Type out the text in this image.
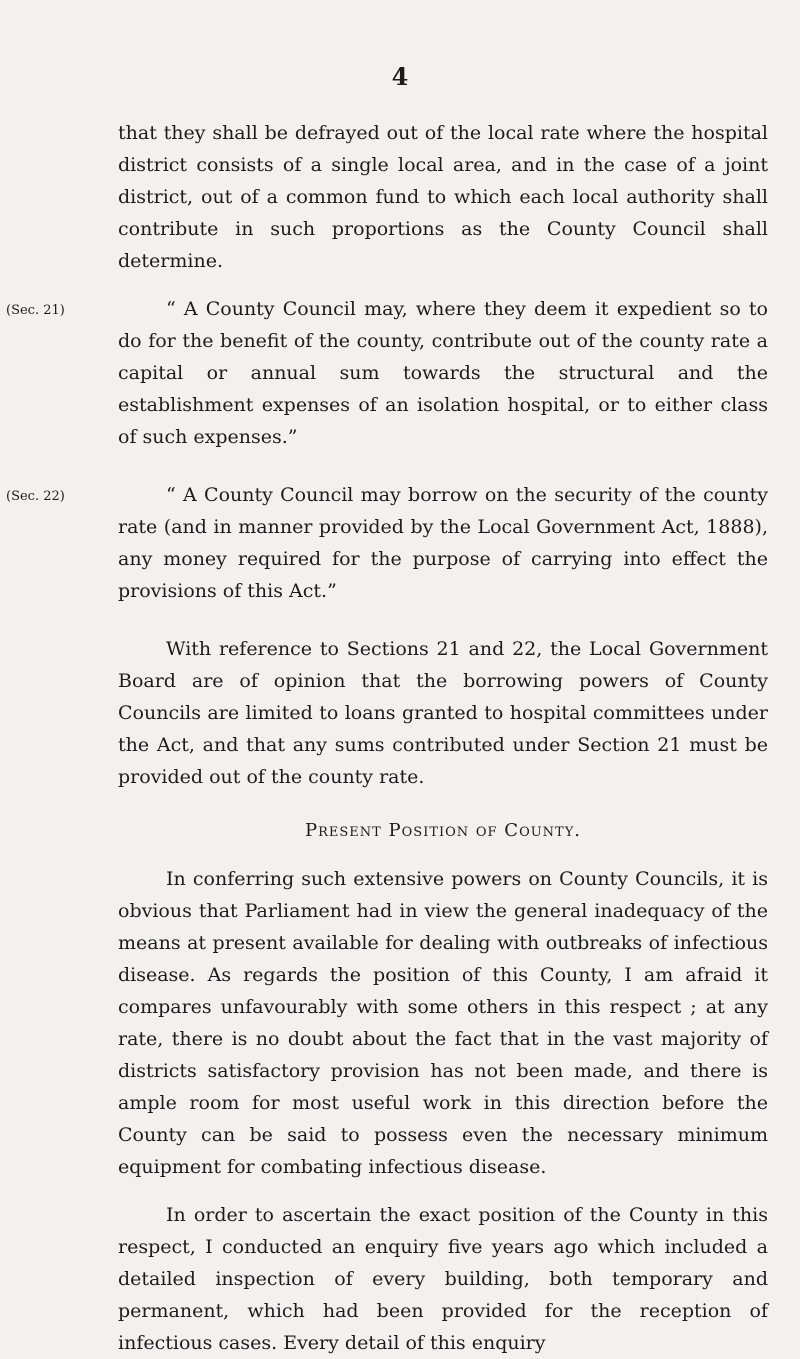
4

that they shall be defrayed out of the local rate where the hospital district consists of a single local area, and in the case of a joint district, out of a common fund to which each local authority shall contribute in such proportions as the County Council shall determine.

(Sec. 21)	“ A County Council may, where they deem it expedient so to do for the benefit of the county, contribute out of the county rate a capital or annual sum towards the structural and the establishment expenses of an isolation hospital, or to either class of such expenses.”

(Sec. 22)	“ A County Council may borrow on the security of the county rate (and in manner provided by the Local Government Act, 1888), any money required for the purpose of carrying into effect the provisions of this Act.”

With reference to Sections 21 and 22, the Local Government Board are of opinion that the borrowing powers of County Councils are limited to loans granted to hospital committees under the Act, and that any sums contributed under Section 21 must be provided out of the county rate.

Present Position of County.

In conferring such extensive powers on County Councils, it is obvious that Parliament had in view the general inadequacy of the means at present available for dealing with outbreaks of infectious disease. As regards the position of this County, I am afraid it compares unfavourably with some others in this respect ; at any rate, there is no doubt about the fact that in the vast majority of districts satisfactory provision has not been made, and there is ample room for most useful work in this direction before the County can be said to possess even the necessary minimum equipment for combating infectious disease.

In order to ascertain the exact position of the County in this respect, I conducted an enquiry five years ago which included a detailed inspection of every building, both temporary and permanent, which had been provided for the reception of infectious cases. Every detail of this enquiry
